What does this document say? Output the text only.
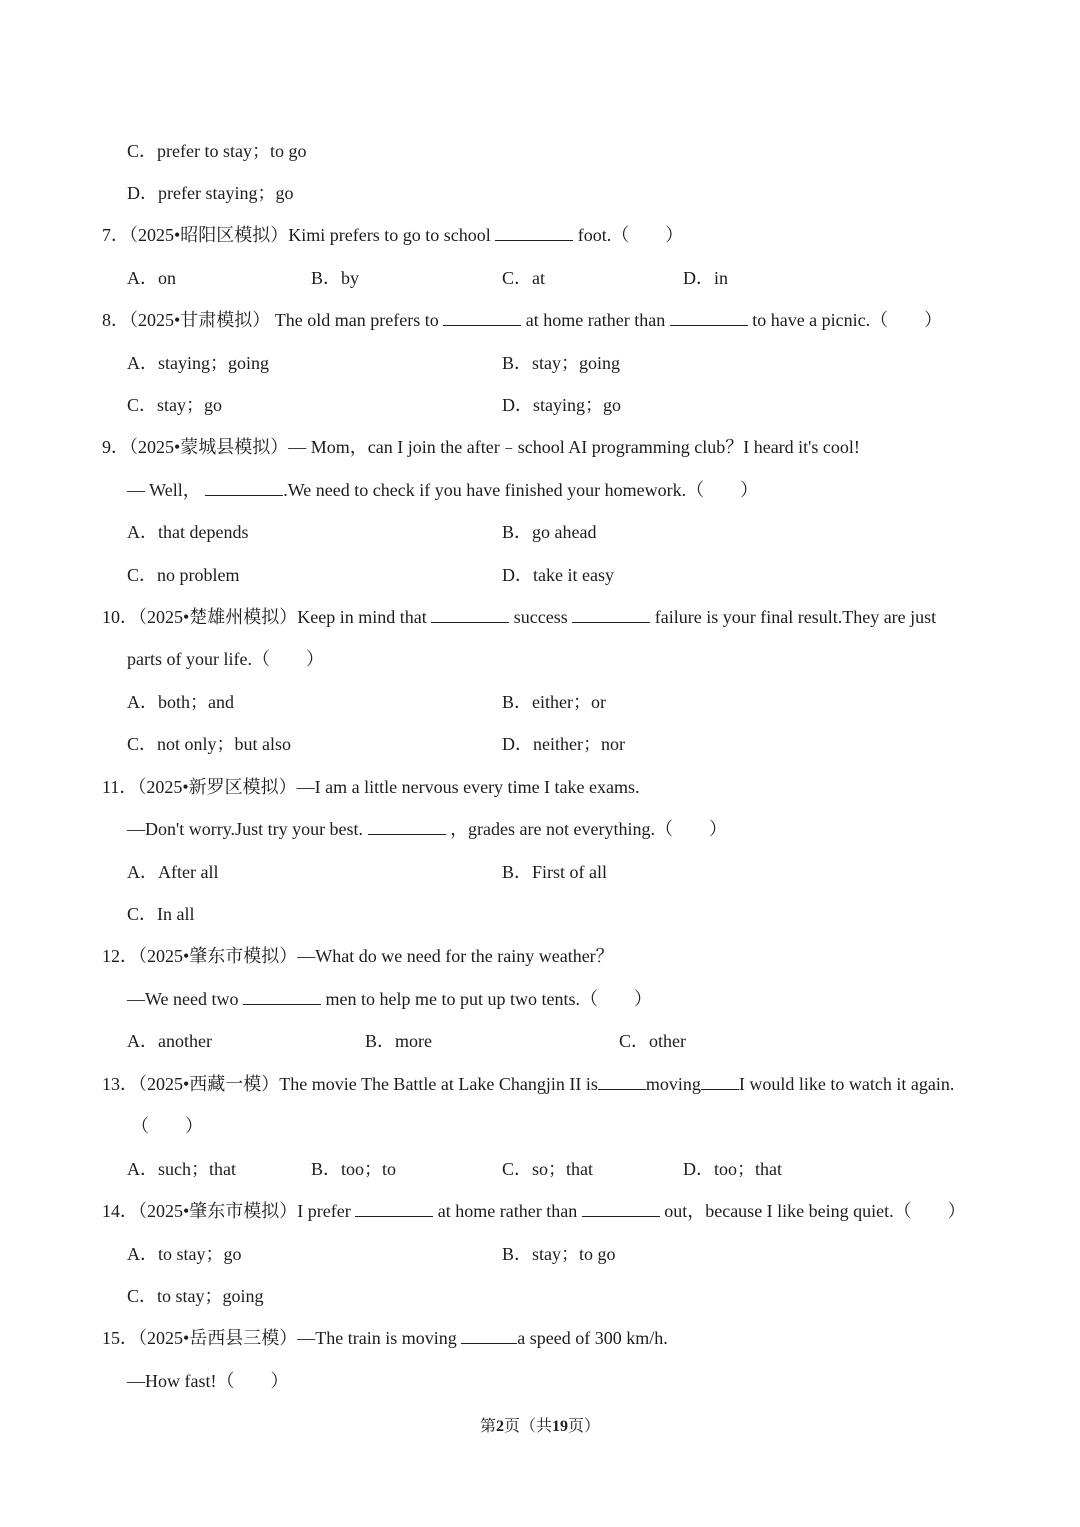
C．prefer to stay；to go
D．prefer staying；go
7．（2025•昭阳区模拟）Kimi prefers to go to school	foot.（　　）
A．on	B．by	C．at	D．in
8．（2025•甘肃模拟） The old man prefers to	at home rather than	to have a picnic.（　　）
A．staying；going	B．stay；going
C．stay；go	D．staying；go
9．（2025•蒙城县模拟）— Mom，can I join the after﹣school AI programming club？I heard it's cool!
— Well，	.We need to check if you have finished your homework.（　　）
A．that depends	B．go ahead
C．no problem	D．take it easy
10．（2025•楚雄州模拟）Keep in mind that	success	failure is your final result.They are just
parts of your life.（　　）
A．both；and	B．either；or
C．not only；but also	D．neither；nor
11．（2025•新罗区模拟）—I am a little nervous every time I take exams.
—Don't worry.Just try your best.	，grades are not everything.（　　）
A．After all	B．First of all
C．In all
12．（2025•肇东市模拟）—What do we need for the rainy weather？
—We need two	men to help me to put up two tents.（　　）
A．another	B．more	C．other
13．（2025•西藏一模）The movie The Battle at Lake Changjin II is	moving I would like to watch it again.
（　　）
A．such；that	B．too；to	C．so；that	D．too；that
14．（2025•肇东市模拟）I prefer	at home rather than	out，because I like being quiet.（　　）
A．to stay；go	B．stay；to go
C．to stay；going
15．（2025•岳西县三模）—The train is moving	a speed of 300 km/h.
—How fast!（　　）
第2页（共19页）
